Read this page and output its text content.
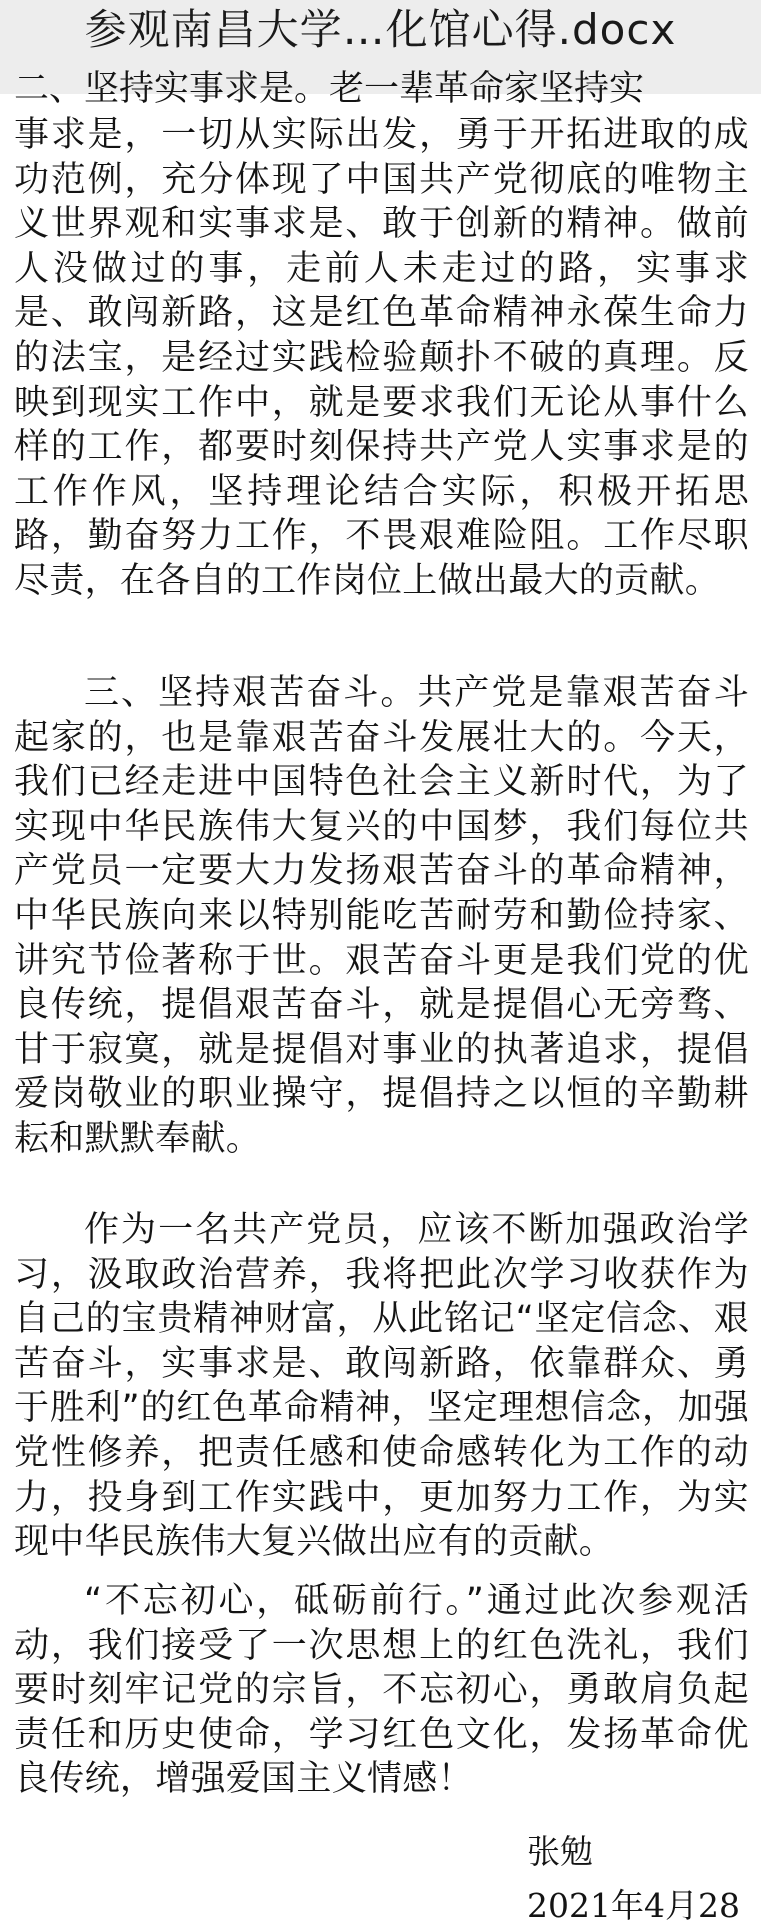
参观南昌大学…化馆心得.docx
二、坚持实事求是。老一辈革命家坚持实

事求是，一切从实际出发，勇于开拓进取的成功范例，充分体现了中国共产党彻底的唯物主义世界观和实事求是、敢于创新的精神。做前人没做过的事，走前人未走过的路，实事求是、敢闯新路，这是红色革命精神永葆生命力的法宝，是经过实践检验颠扑不破的真理。反映到现实工作中，就是要求我们无论从事什么样的工作，都要时刻保持共产党人实事求是的工作作风，坚持理论结合实际，积极开拓思路，勤奋努力工作，不畏艰难险阻。工作尽职尽责，在各自的工作岗位上做出最大的贡献。

三、坚持艰苦奋斗。共产党是靠艰苦奋斗起家的，也是靠艰苦奋斗发展壮大的。今天，我们已经走进中国特色社会主义新时代，为了实现中华民族伟大复兴的中国梦，我们每位共产党员一定要大力发扬艰苦奋斗的革命精神，中华民族向来以特别能吃苦耐劳和勤俭持家、讲究节俭著称于世。艰苦奋斗更是我们党的优良传统，提倡艰苦奋斗，就是提倡心无旁骛、甘于寂寞，就是提倡对事业的执著追求，提倡爱岗敬业的职业操守，提倡持之以恒的辛勤耕耘和默默奉献。

作为一名共产党员，应该不断加强政治学习，汲取政治营养，我将把此次学习收获作为自己的宝贵精神财富，从此铭记“坚定信念、艰苦奋斗，实事求是、敢闯新路，依靠群众、勇于胜利”的红色革命精神，坚定理想信念，加强党性修养，把责任感和使命感转化为工作的动力，投身到工作实践中，更加努力工作，为实现中华民族伟大复兴做出应有的贡献。

“不忘初心，砥砺前行。”通过此次参观活动，我们接受了一次思想上的红色洗礼，我们要时刻牢记党的宗旨，不忘初心，勇敢肩负起责任和历史使命，学习红色文化，发扬革命优良传统，增强爱国主义情感！

张勉
2021年4月28
